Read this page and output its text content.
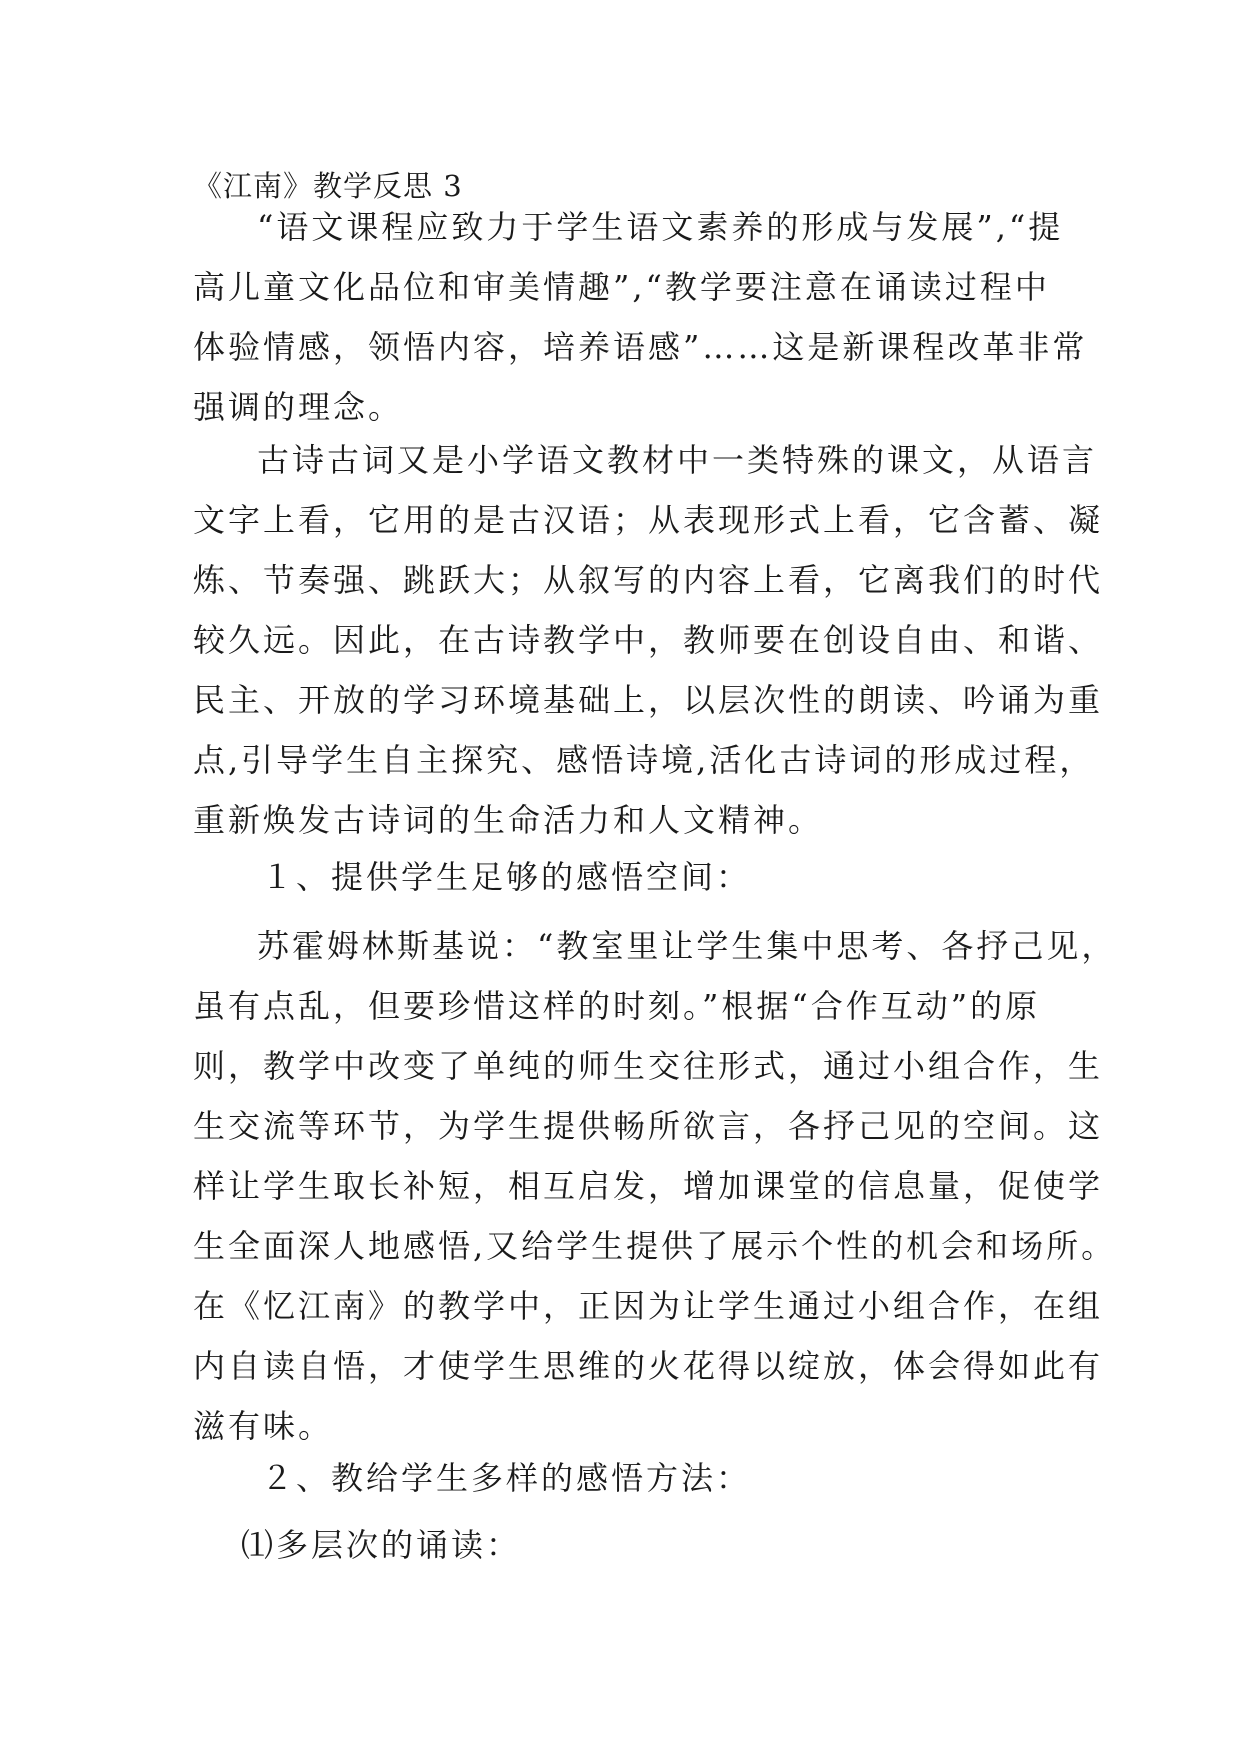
《江南》教学反思 3
“语文课程应致力于学生语文素养的形成与发展”,“提
高儿童文化品位和审美情趣”,“教学要注意在诵读过程中
体验情感，领悟内容，培养语感”……这是新课程改革非常
强调的理念。
古诗古词又是小学语文教材中一类特殊的课文，从语言
文字上看，它用的是古汉语；从表现形式上看，它含蓄、凝
炼、节奏强、跳跃大；从叙写的内容上看，它离我们的时代
较久远。因此，在古诗教学中，教师要在创设自由、和谐、
民主、开放的学习环境基础上，以层次性的朗读、吟诵为重
点,引导学生自主探究、感悟诗境,活化古诗词的形成过程，
重新焕发古诗词的生命活力和人文精神。
１、提供学生足够的感悟空间：
苏霍姆林斯基说：“教室里让学生集中思考、各抒己见，
虽有点乱，但要珍惜这样的时刻。”根据“合作互动”的原
则，教学中改变了单纯的师生交往形式，通过小组合作，生
生交流等环节，为学生提供畅所欲言，各抒己见的空间。这
样让学生取长补短，相互启发，增加课堂的信息量，促使学
生全面深人地感悟,又给学生提供了展示个性的机会和场所。
在《忆江南》的教学中，正因为让学生通过小组合作，在组
内自读自悟，才使学生思维的火花得以绽放，体会得如此有
滋有味。
２、教给学生多样的感悟方法：
⑴多层次的诵读：
